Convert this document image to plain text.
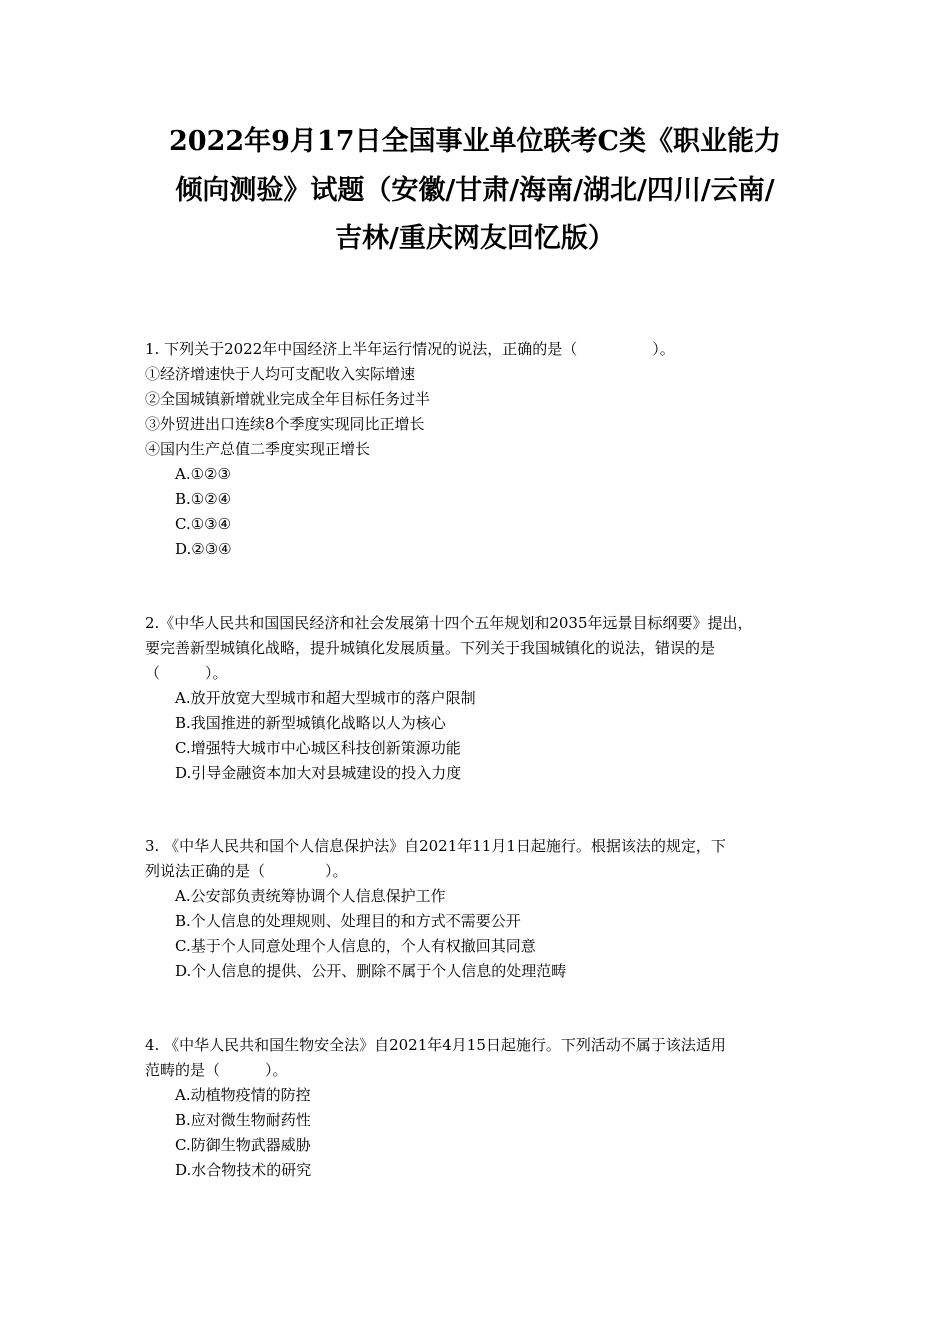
2022年9月17日全国事业单位联考C类《职业能力
倾向测验》试题（安徽/甘肃/海南/湖北/四川/云南/
吉林/重庆网友回忆版）
1. 下列关于2022年中国经济上半年运行情况的说法，正确的是（　　　　　）。
①经济增速快于人均可支配收入实际增速
②全国城镇新增就业完成全年目标任务过半
③外贸进出口连续8个季度实现同比正增长
④国内生产总值二季度实现正增长
A.①②③
B.①②④
C.①③④
D.②③④
2.《中华人民共和国国民经济和社会发展第十四个五年规划和2035年远景目标纲要》提出，
要完善新型城镇化战略，提升城镇化发展质量。下列关于我国城镇化的说法，错误的是
（　　　）。
A.放开放宽大型城市和超大型城市的落户限制
B.我国推进的新型城镇化战略以人为核心
C.增强特大城市中心城区科技创新策源功能
D.引导金融资本加大对县城建设的投入力度
3. 《中华人民共和国个人信息保护法》自2021年11月1日起施行。根据该法的规定，下
列说法正确的是（　　　　）。
A.公安部负责统筹协调个人信息保护工作
B.个人信息的处理规则、处理目的和方式不需要公开
C.基于个人同意处理个人信息的，个人有权撤回其同意
D.个人信息的提供、公开、删除不属于个人信息的处理范畴
4. 《中华人民共和国生物安全法》自2021年4月15日起施行。下列活动不属于该法适用
范畴的是（　　　）。
A.动植物疫情的防控
B.应对微生物耐药性
C.防御生物武器威胁
D.水合物技术的研究
